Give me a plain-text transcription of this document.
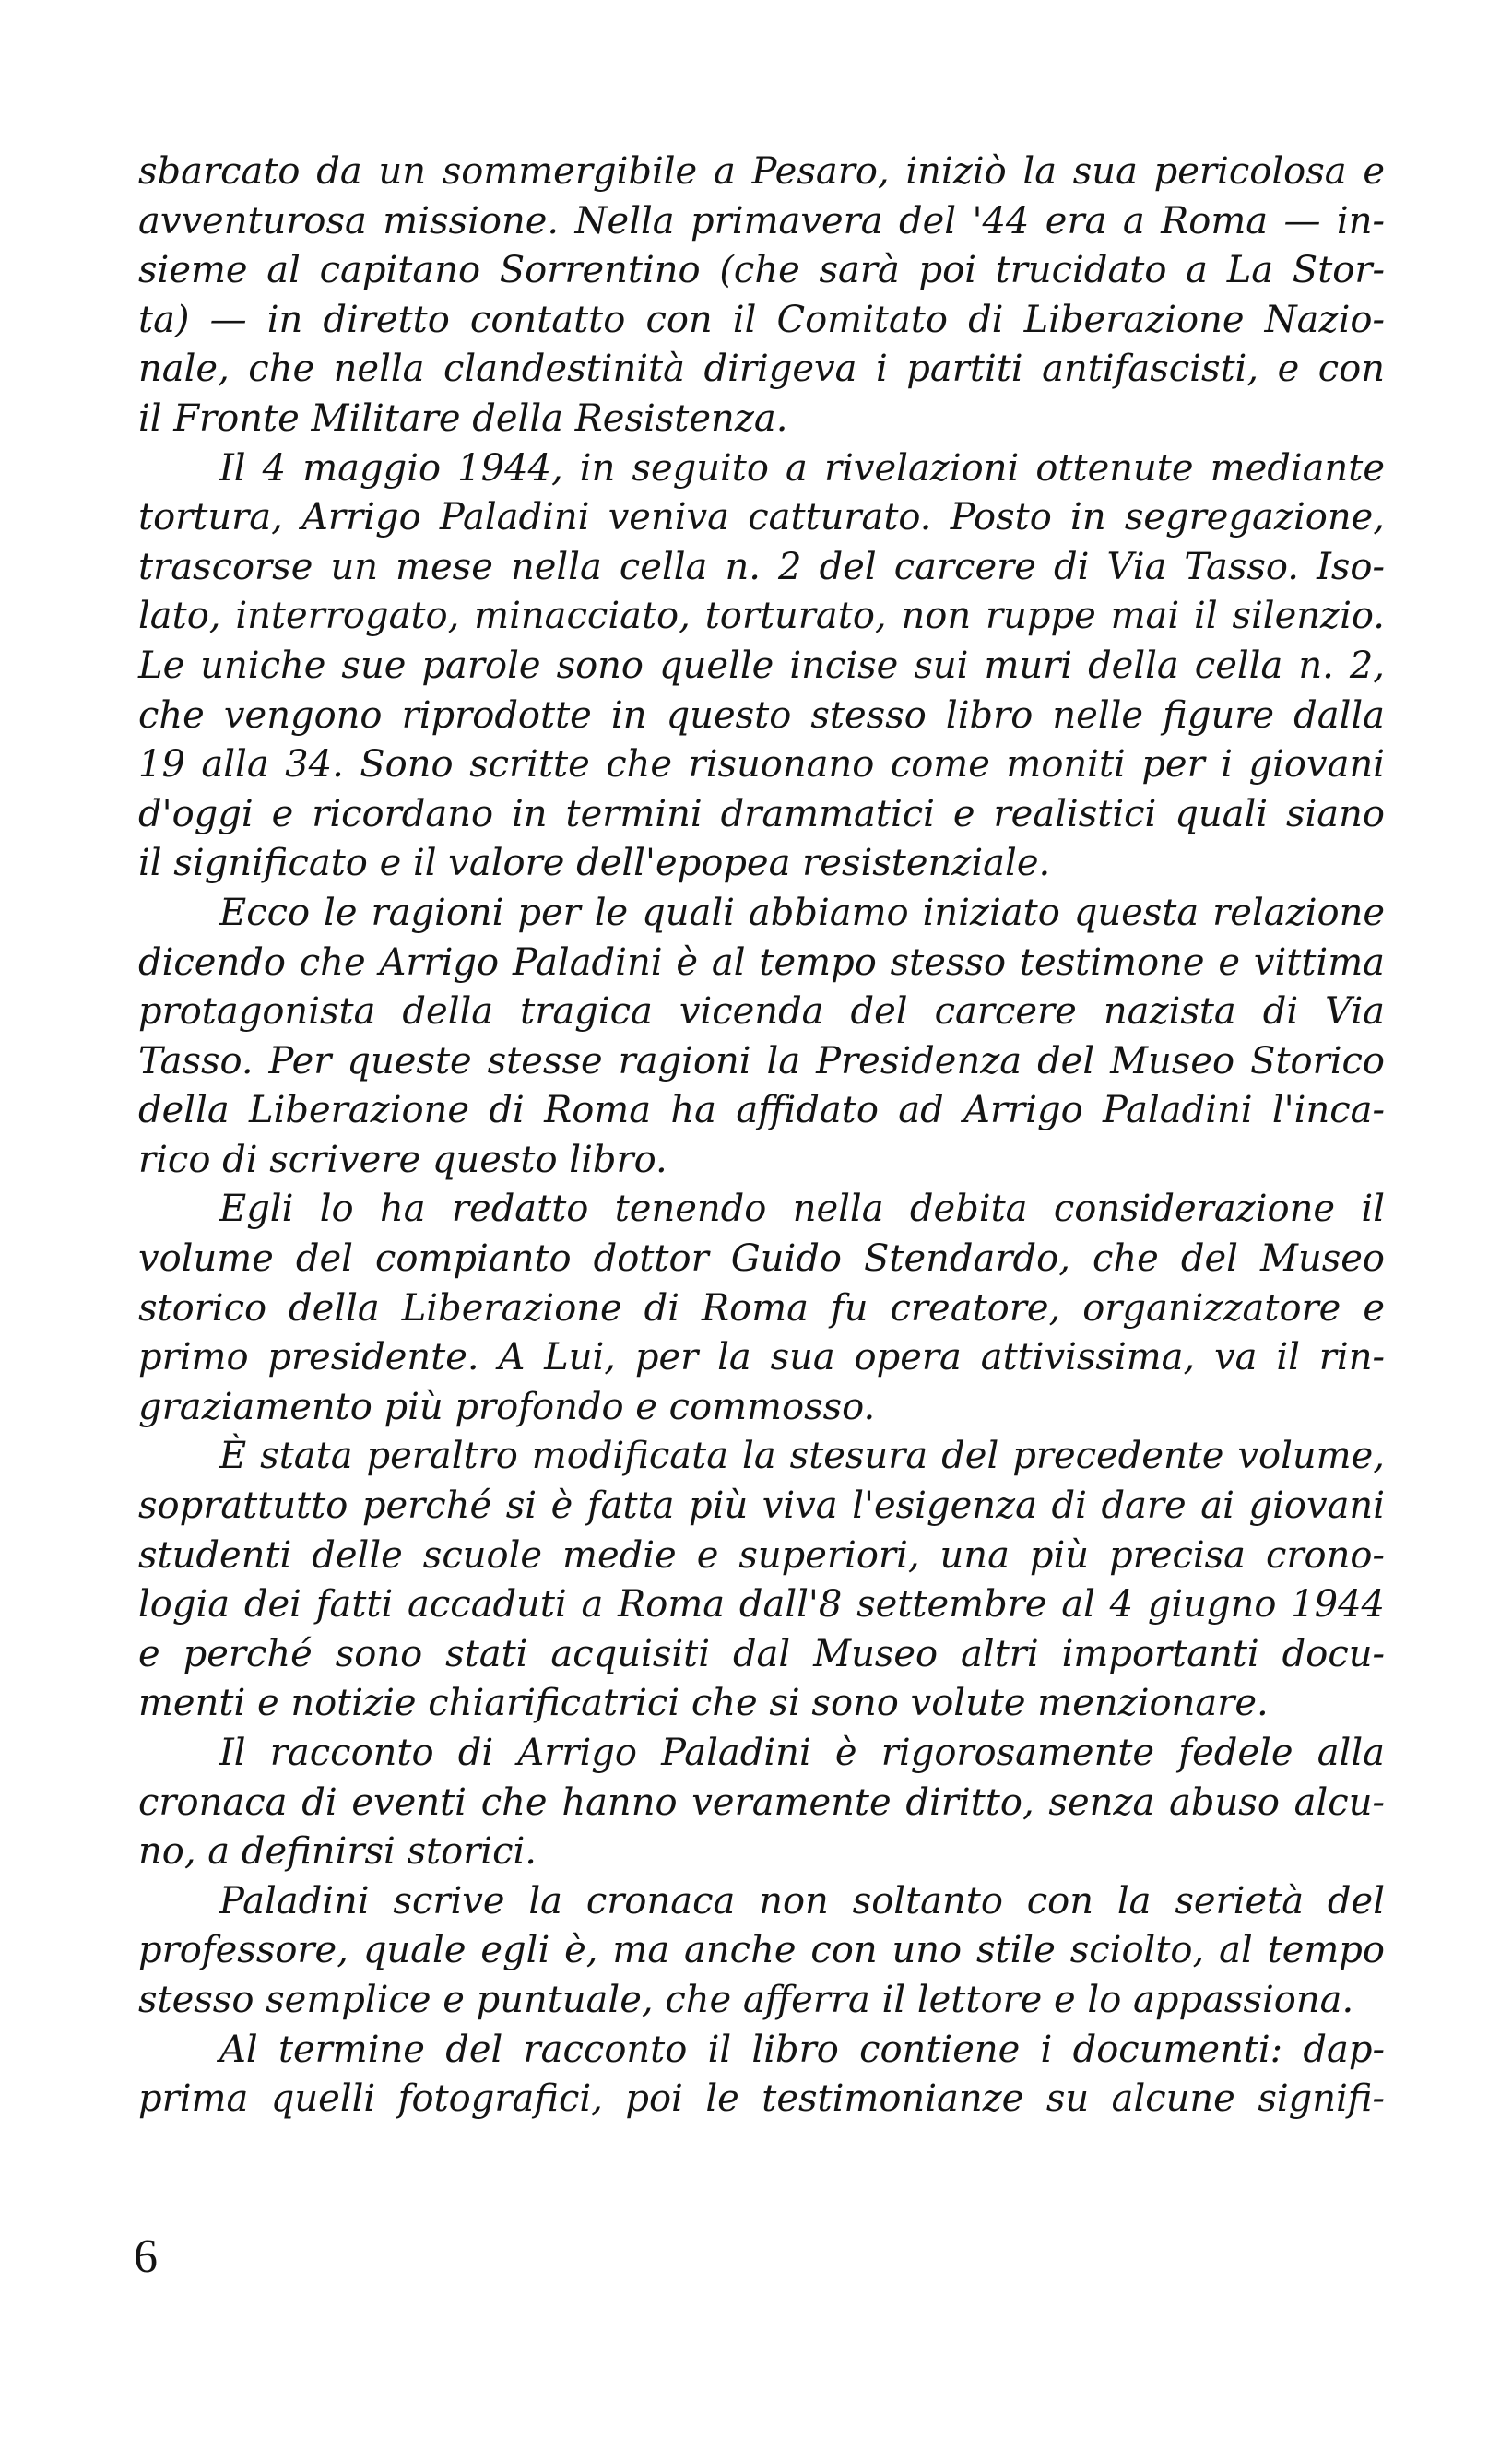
sbarcato da un sommergibile a Pesaro, iniziò la sua pericolosa e
avventurosa missione. Nella primavera del '44 era a Roma — in-
sieme al capitano Sorrentino (che sarà poi trucidato a La Stor-
ta) — in diretto contatto con il Comitato di Liberazione Nazio-
nale, che nella clandestinità dirigeva i partiti antifascisti, e con
il Fronte Militare della Resistenza.
Il 4 maggio 1944, in seguito a rivelazioni ottenute mediante
tortura, Arrigo Paladini veniva catturato. Posto in segregazione,
trascorse un mese nella cella n. 2 del carcere di Via Tasso. Iso-
lato, interrogato, minacciato, torturato, non ruppe mai il silenzio.
Le uniche sue parole sono quelle incise sui muri della cella n. 2,
che vengono riprodotte in questo stesso libro nelle figure dalla
19 alla 34. Sono scritte che risuonano come moniti per i giovani
d'oggi e ricordano in termini drammatici e realistici quali siano
il significato e il valore dell'epopea resistenziale.
Ecco le ragioni per le quali abbiamo iniziato questa relazione
dicendo che Arrigo Paladini è al tempo stesso testimone e vittima
protagonista della tragica vicenda del carcere nazista di Via
Tasso. Per queste stesse ragioni la Presidenza del Museo Storico
della Liberazione di Roma ha affidato ad Arrigo Paladini l'inca-
rico di scrivere questo libro.
Egli lo ha redatto tenendo nella debita considerazione il
volume del compianto dottor Guido Stendardo, che del Museo
storico della Liberazione di Roma fu creatore, organizzatore e
primo presidente. A Lui, per la sua opera attivissima, va il rin-
graziamento più profondo e commosso.
È stata peraltro modificata la stesura del precedente volume,
soprattutto perché si è fatta più viva l'esigenza di dare ai giovani
studenti delle scuole medie e superiori, una più precisa crono-
logia dei fatti accaduti a Roma dall'8 settembre al 4 giugno 1944
e perché sono stati acquisiti dal Museo altri importanti docu-
menti e notizie chiarificatrici che si sono volute menzionare.
Il racconto di Arrigo Paladini è rigorosamente fedele alla
cronaca di eventi che hanno veramente diritto, senza abuso alcu-
no, a definirsi storici.
Paladini scrive la cronaca non soltanto con la serietà del
professore, quale egli è, ma anche con uno stile sciolto, al tempo
stesso semplice e puntuale, che afferra il lettore e lo appassiona.
Al termine del racconto il libro contiene i documenti: dap-
prima quelli fotografici, poi le testimonianze su alcune signifi-
6
